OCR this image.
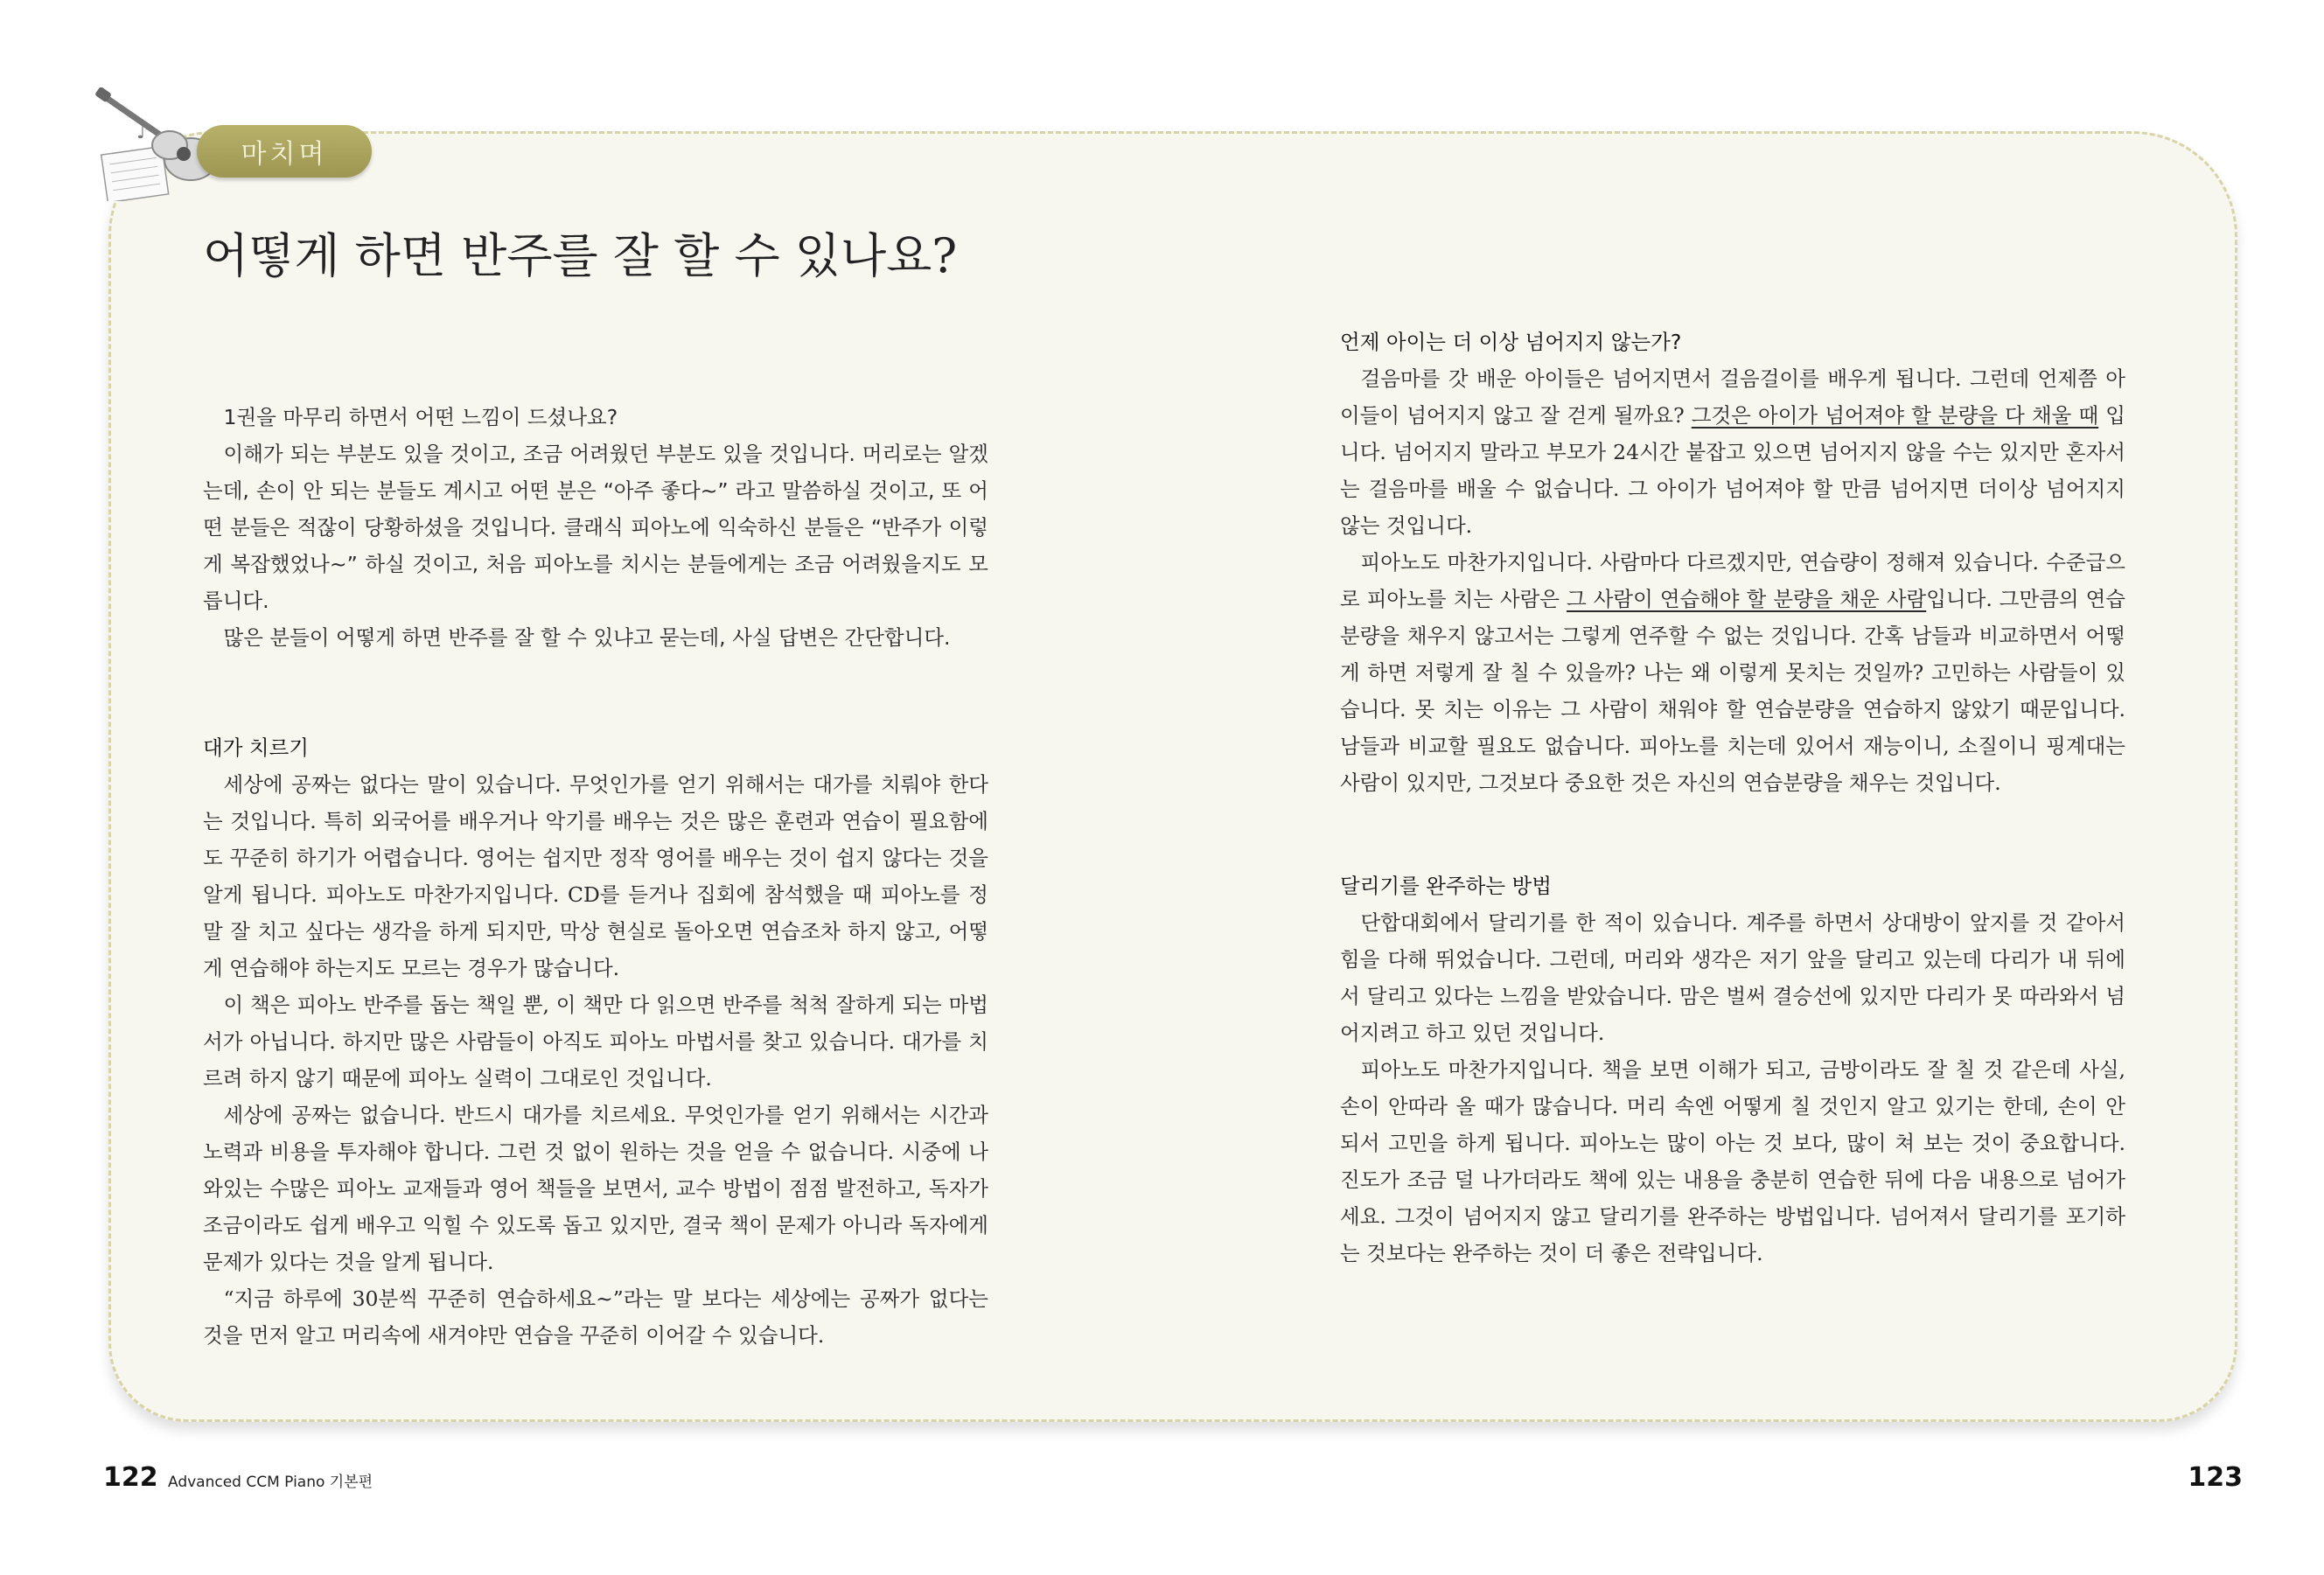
♪
마치며
어떻게 하면 반주를 잘 할 수 있나요?

1권을 마무리 하면서 어떤 느낌이 드셨나요?

이해가 되는 부분도 있을 것이고, 조금 어려웠던 부분도 있을 것입니다. 머리로는 알겠는데, 손이 안 되는 분들도 계시고 어떤 분은 “아주 좋다~” 라고 말씀하실 것이고, 또 어떤 분들은 적잖이 당황하셨을 것입니다. 클래식 피아노에 익숙하신 분들은 “반주가 이렇게 복잡했었나~” 하실 것이고, 처음 피아노를 치시는 분들에게는 조금 어려웠을지도 모릅니다.

많은 분들이 어떻게 하면 반주를 잘 할 수 있냐고 묻는데, 사실 답변은 간단합니다.

대가 치르기

세상에 공짜는 없다는 말이 있습니다. 무엇인가를 얻기 위해서는 대가를 치뤄야 한다는 것입니다. 특히 외국어를 배우거나 악기를 배우는 것은 많은 훈련과 연습이 필요함에도 꾸준히 하기가 어렵습니다. 영어는 쉽지만 정작 영어를 배우는 것이 쉽지 않다는 것을 알게 됩니다. 피아노도 마찬가지입니다. CD를 듣거나 집회에 참석했을 때 피아노를 정말 잘 치고 싶다는 생각을 하게 되지만, 막상 현실로 돌아오면 연습조차 하지 않고, 어떻게 연습해야 하는지도 모르는 경우가 많습니다.

이 책은 피아노 반주를 돕는 책일 뿐, 이 책만 다 읽으면 반주를 척척 잘하게 되는 마법서가 아닙니다. 하지만 많은 사람들이 아직도 피아노 마법서를 찾고 있습니다. 대가를 치르려 하지 않기 때문에 피아노 실력이 그대로인 것입니다.

세상에 공짜는 없습니다. 반드시 대가를 치르세요. 무엇인가를 얻기 위해서는 시간과 노력과 비용을 투자해야 합니다. 그런 것 없이 원하는 것을 얻을 수 없습니다. 시중에 나와있는 수많은 피아노 교재들과 영어 책들을 보면서, 교수 방법이 점점 발전하고, 독자가 조금이라도 쉽게 배우고 익힐 수 있도록 돕고 있지만, 결국 책이 문제가 아니라 독자에게 문제가 있다는 것을 알게 됩니다.

“지금 하루에 30분씩 꾸준히 연습하세요~”라는 말 보다는 세상에는 공짜가 없다는 것을 먼저 알고 머리속에 새겨야만 연습을 꾸준히 이어갈 수 있습니다.

언제 아이는 더 이상 넘어지지 않는가?

걸음마를 갓 배운 아이들은 넘어지면서 걸음걸이를 배우게 됩니다. 그런데 언제쯤 아이들이 넘어지지 않고 잘 걷게 될까요? 그것은 아이가 넘어져야 할 분량을 다 채울 때 입니다. 넘어지지 말라고 부모가 24시간 붙잡고 있으면 넘어지지 않을 수는 있지만 혼자서는 걸음마를 배울 수 없습니다. 그 아이가 넘어져야 할 만큼 넘어지면 더이상 넘어지지 않는 것입니다.

피아노도 마찬가지입니다. 사람마다 다르겠지만, 연습량이 정해져 있습니다. 수준급으로 피아노를 치는 사람은 그 사람이 연습해야 할 분량을 채운 사람입니다. 그만큼의 연습분량을 채우지 않고서는 그렇게 연주할 수 없는 것입니다. 간혹 남들과 비교하면서 어떻게 하면 저렇게 잘 칠 수 있을까? 나는 왜 이렇게 못치는 것일까? 고민하는 사람들이 있습니다. 못 치는 이유는 그 사람이 채워야 할 연습분량을 연습하지 않았기 때문입니다. 남들과 비교할 필요도 없습니다. 피아노를 치는데 있어서 재능이니, 소질이니 핑계대는 사람이 있지만, 그것보다 중요한 것은 자신의 연습분량을 채우는 것입니다.

달리기를 완주하는 방법

단합대회에서 달리기를 한 적이 있습니다. 계주를 하면서 상대방이 앞지를 것 같아서 힘을 다해 뛰었습니다. 그런데, 머리와 생각은 저기 앞을 달리고 있는데 다리가 내 뒤에서 달리고 있다는 느낌을 받았습니다. 맘은 벌써 결승선에 있지만 다리가 못 따라와서 넘어지려고 하고 있던 것입니다.

피아노도 마찬가지입니다. 책을 보면 이해가 되고, 금방이라도 잘 칠 것 같은데 사실, 손이 안따라 올 때가 많습니다. 머리 속엔 어떻게 칠 것인지 알고 있기는 한데, 손이 안 되서 고민을 하게 됩니다. 피아노는 많이 아는 것 보다, 많이 쳐 보는 것이 중요합니다. 진도가 조금 덜 나가더라도 책에 있는 내용을 충분히 연습한 뒤에 다음 내용으로 넘어가세요. 그것이 넘어지지 않고 달리기를 완주하는 방법입니다. 넘어져서 달리기를 포기하는 것보다는 완주하는 것이 더 좋은 전략입니다.

122 Advanced CCM Piano 기본편	123
